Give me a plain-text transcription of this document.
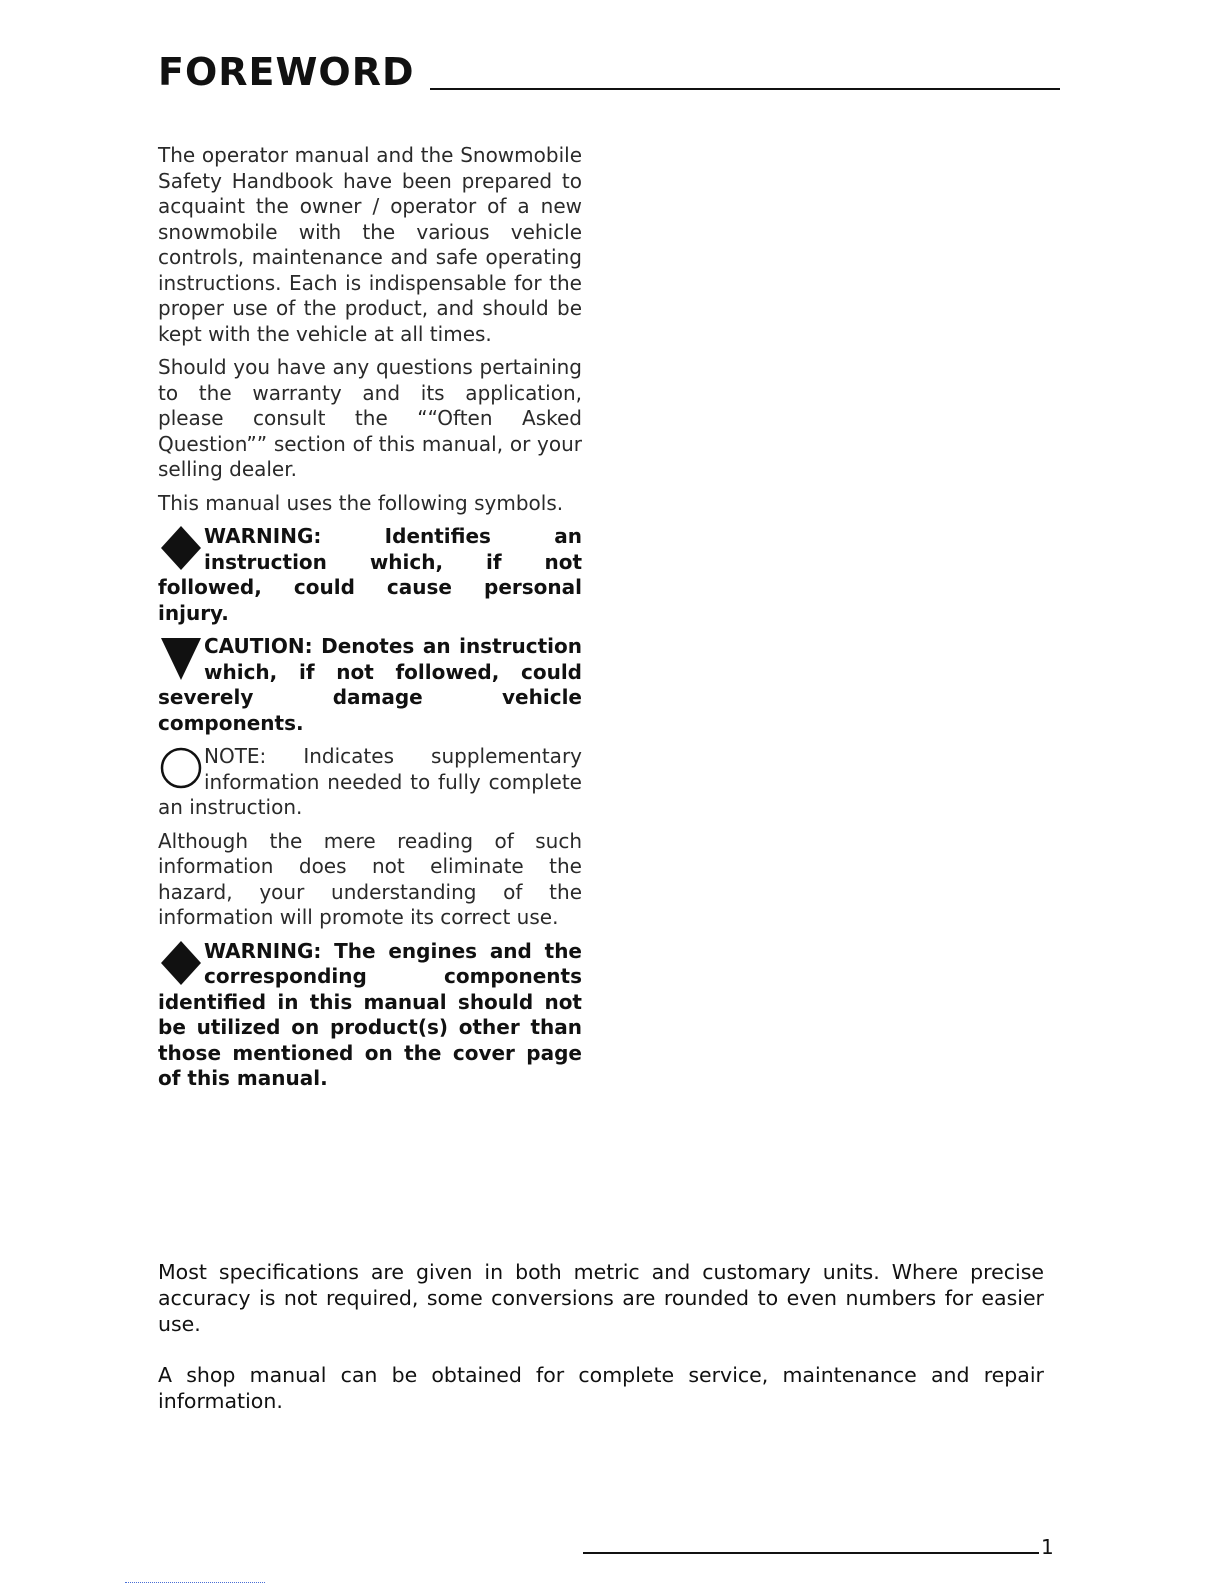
FOREWORD

The operator manual and the Snowmobile Safety Handbook have been prepared to acquaint the owner / operator of a new snowmobile with the various vehicle controls, maintenance and safe operating instructions. Each is indispensable for the proper use of the product, and should be kept with the vehicle at all times.

Should you have any questions pertaining to the warranty and its application, please consult the ““Often Asked Question”” section of this manual, or your selling dealer.

This manual uses the following symbols.

WARNING: Identifies an instruction which, if not followed, could cause personal injury.
CAUTION: Denotes an instruction which, if not followed, could severely damage vehicle components.
NOTE: Indicates supplementary information needed to fully complete an instruction.

Although the mere reading of such information does not eliminate the hazard, your understanding of the information will promote its correct use.

WARNING: The engines and the corresponding components identified in this manual should not be utilized on product(s) other than those mentioned on the cover page of this manual.

Most specifications are given in both metric and customary units. Where precise accuracy is not required, some conversions are rounded to even numbers for easier use.

A shop manual can be obtained for complete service, maintenance and repair information.

1
